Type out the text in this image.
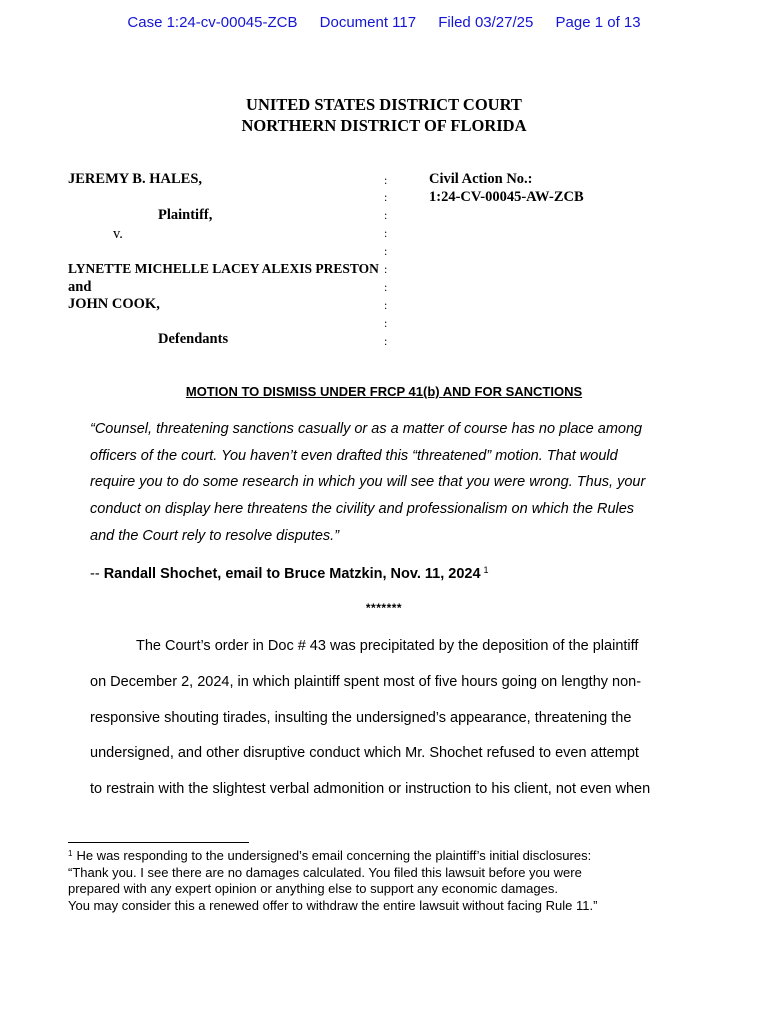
Case 1:24-cv-00045-ZCB Document 117 Filed 03/27/25 Page 1 of 13
UNITED STATES DISTRICT COURT
NORTHERN DISTRICT OF FLORIDA
JEREMY B. HALES,
Plaintiff,
v.
LYNETTE MICHELLE LACEY ALEXIS PRESTON
and
JOHN COOK,
Defendants
:
:
:
:
:
:
:
:
:
:
Civil Action No.:
1:24-CV-00045-AW-ZCB
MOTION TO DISMISS UNDER FRCP 41(b) AND FOR SANCTIONS
“Counsel, threatening sanctions casually or as a matter of course has no place among
officers of the court. You haven’t even drafted this “threatened” motion. That would
require you to do some research in which you will see that you were wrong. Thus, your
conduct on display here threatens the civility and professionalism on which the Rules
and the Court rely to resolve disputes.”
-- Randall Shochet, email to Bruce Matzkin, Nov. 11, 2024 $^1$
*******
The Court’s order in Doc # 43 was precipitated by the deposition of the plaintiff
on December 2, 2024, in which plaintiff spent most of five hours going on lengthy non-
responsive shouting tirades, insulting the undersigned’s appearance, threatening the
undersigned, and other disruptive conduct which Mr. Shochet refused to even attempt
to restrain with the slightest verbal admonition or instruction to his client, not even when
$^1$ He was responding to the undersigned’s email concerning the plaintiff’s initial disclosures:
“Thank you. I see there are no damages calculated. You filed this lawsuit before you were
prepared with any expert opinion or anything else to support any economic damages.
You may consider this a renewed offer to withdraw the entire lawsuit without facing Rule 11.”
